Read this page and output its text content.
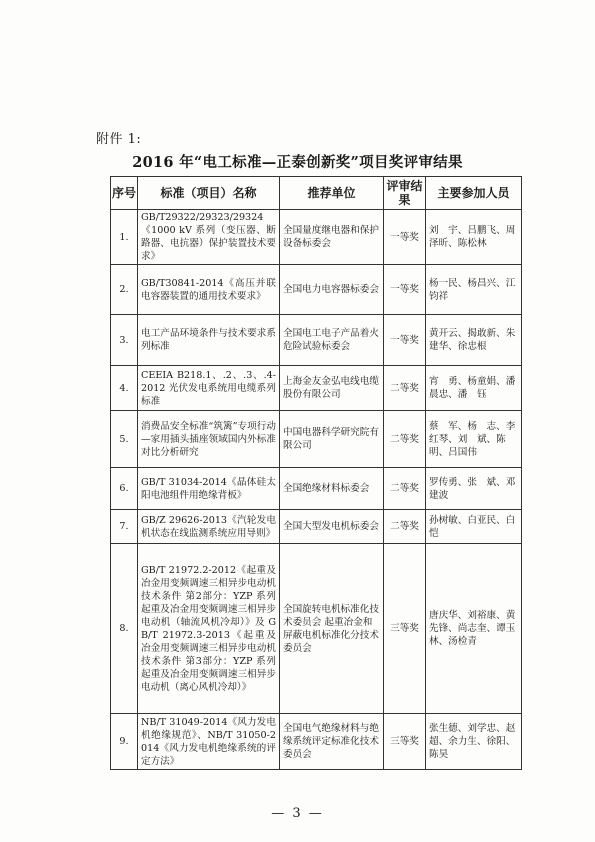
附件 1:
2016 年“电工标准—正泰创新奖”项目奖评审结果
序号	标准（项目）名称	推荐单位	评审结果	主要参加人员
1.	GB/T29322/29323/29324《1000 kV 系列（变压器、断路器、电抗器）保护装置技术要求》	全国量度继电器和保护设备标委会	一等奖	刘　宇、吕鹏飞、周泽昕、陈松林
2.	GB/T30841-2014《高压并联电容器装置的通用技术要求》	全国电力电容器标委会	一等奖	杨一民、杨昌兴、江钧祥
3.	电工产品环境条件与技术要求系列标准	全国电工电子产品着火危险试验标委会	一等奖	黄开云、揭敢新、朱建华、徐忠根
4.	CEEIA B218.1、.2、.3、.4-2012 光伏发电系统用电缆系列标准	上海金友金弘电线电缆股份有限公司	二等奖	宵　勇、杨童娟、潘晨忠、潘　钰
5.	消费品安全标准“筑篱”专项行动—家用插头插座领域国内外标准对比分析研究	中国电器科学研究院有限公司	二等奖	蔡　军、杨　志、李红琴、刘　斌、陈明、吕国伟
6.	GB/T 31034-2014《晶体硅太阳电池组件用绝缘背板》	全国绝缘材料标委会	二等奖	罗传勇、张　斌、邓建波
7.	GB/Z 29626-2013《汽轮发电机状态在线监测系统应用导则》	全国大型发电机标委会	二等奖	孙树敏、白亚民、白　恺
8.	GB/T 21972.2-2012《起重及冶金用变频调速三相异步电动机技术条件 第2部分：YZP 系列起重及冶金用变频调速三相异步电动机（轴流风机冷却）》及 GB/T 21972.3-2013《起重及冶金用变频调速三相异步电动机技术条件 第3部分：YZP 系列起重及冶金用变频调速三相异步电动机（离心风机冷却）》	全国旋转电机标准化技术委员会 起重冶金和屏蔽电机标准化分技术委员会	三等奖	唐庆华、刘裕康、黄先锋、尚志奎、谭玉林、汤检青
9.	NB/T 31049-2014《风力发电机绝缘规范》、NB/T 31050-2014《风力发电机绝缘系统的评定方法》	全国电气绝缘材料与绝缘系统评定标准化技术委员会	三等奖	张生德、刘学忠、赵　超、余力生、徐阳、陈昊
— 3 —
